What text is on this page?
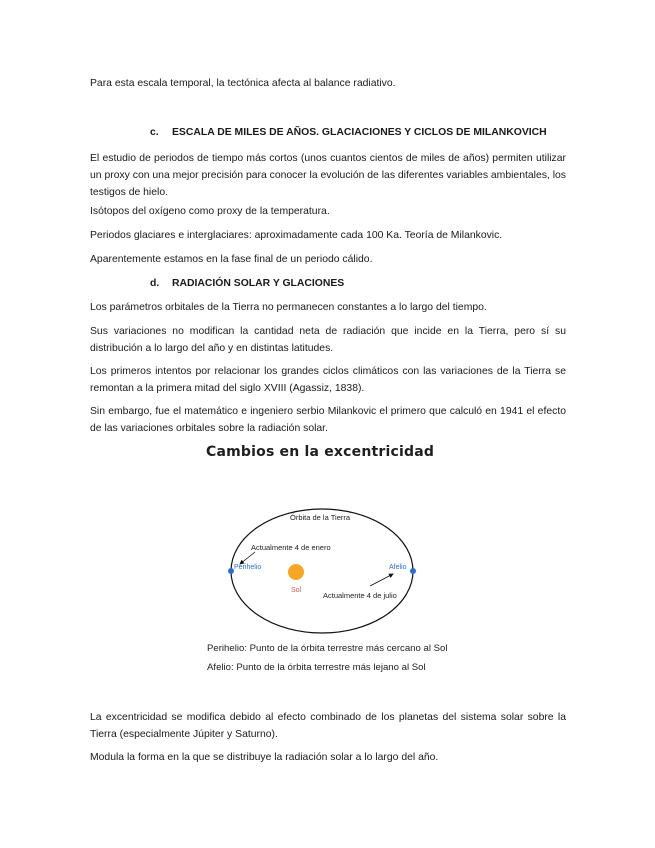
Para esta escala temporal, la tectónica afecta al balance radiativo.

c. ESCALA DE MILES DE AÑOS. GLACIACIONES Y CICLOS DE MILANKOVICH

El estudio de periodos de tiempo más cortos (unos cuantos cientos de miles de años) permiten utilizar un proxy con una mejor precisión para conocer la evolución de las diferentes variables ambientales, los testigos de hielo.

Isótopos del oxígeno como proxy de la temperatura.

Periodos glaciares e interglaciares: aproximadamente cada 100 Ka. Teoría de Milankovic.

Aparentemente estamos en la fase final de un periodo cálido.

d. RADIACIÓN SOLAR Y GLACIONES

Los parámetros orbitales de la Tierra no permanecen constantes a lo largo del tiempo.

Sus variaciones no modifican la cantidad neta de radiación que incide en la Tierra, pero sí su distribución a lo largo del año y en distintas latitudes.

Los primeros intentos por relacionar los grandes ciclos climáticos con las variaciones de la Tierra se remontan a la primera mitad del siglo XVIII (Agassiz, 1838).

Sin embargo, fue el matemático e ingeniero serbio Milankovic el primero que calculó en 1941 el efecto de las variaciones orbitales sobre la radiación solar.

Cambios en la excentricidad
Órbita de la Tierra
Actualmente 4 de enero
Perihelio	Afelio
Sol
Actualmente 4 de julio
Perihelio: Punto de la órbita terrestre más cercano al Sol
Afelio: Punto de la órbita terrestre más lejano al Sol

La excentricidad se modifica debido al efecto combinado de los planetas del sistema solar sobre la Tierra (especialmente Júpiter y Saturno).

Modula la forma en la que se distribuye la radiación solar a lo largo del año.
